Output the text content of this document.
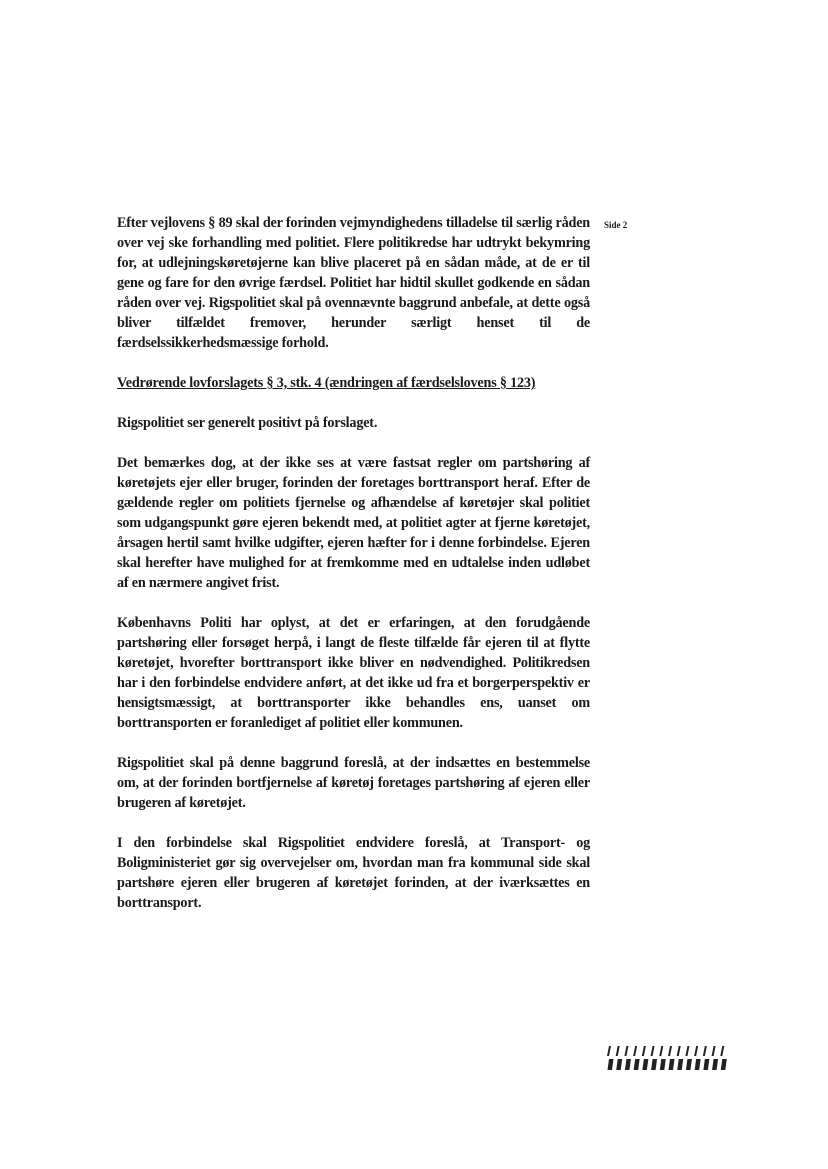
Side 2

Efter vejlovens § 89 skal der forinden vejmyndighedens tilladelse til særlig råden over vej ske forhandling med politiet. Flere politikredse har udtrykt bekymring for, at udlejningskøretøjerne kan blive placeret på en sådan måde, at de er til gene og fare for den øvrige færdsel. Politiet har hidtil skullet godkende en sådan råden over vej. Rigspolitiet skal på ovennævnte baggrund anbefale, at dette også bliver tilfældet fremover, herunder særligt henset til de færdselssikkerhedsmæssige forhold.

Vedrørende lovforslagets § 3, stk. 4 (ændringen af færdselslovens § 123)

Rigspolitiet ser generelt positivt på forslaget.

Det bemærkes dog, at der ikke ses at være fastsat regler om partshøring af køretøjets ejer eller bruger, forinden der foretages borttransport heraf. Efter de gældende regler om politiets fjernelse og afhændelse af køretøjer skal politiet som udgangspunkt gøre ejeren bekendt med, at politiet agter at fjerne køretøjet, årsagen hertil samt hvilke udgifter, ejeren hæfter for i denne forbindelse. Ejeren skal herefter have mulighed for at fremkomme med en udtalelse inden udløbet af en nærmere angivet frist.

Københavns Politi har oplyst, at det er erfaringen, at den forudgående partshøring eller forsøget herpå, i langt de fleste tilfælde får ejeren til at flytte køretøjet, hvorefter borttransport ikke bliver en nødvendighed. Politikredsen har i den forbindelse endvidere anført, at det ikke ud fra et borgerperspektiv er hensigtsmæssigt, at borttransporter ikke behandles ens, uanset om borttransporten er foranlediget af politiet eller kommunen.

Rigspolitiet skal på denne baggrund foreslå, at der indsættes en bestemmelse om, at der forinden bortfjernelse af køretøj foretages partshøring af ejeren eller brugeren af køretøjet.

I den forbindelse skal Rigspolitiet endvidere foreslå, at Transport- og Boligministeriet gør sig overvejelser om, hvordan man fra kommunal side skal partshøre ejeren eller brugeren af køretøjet forinden, at der iværksættes en borttransport.
